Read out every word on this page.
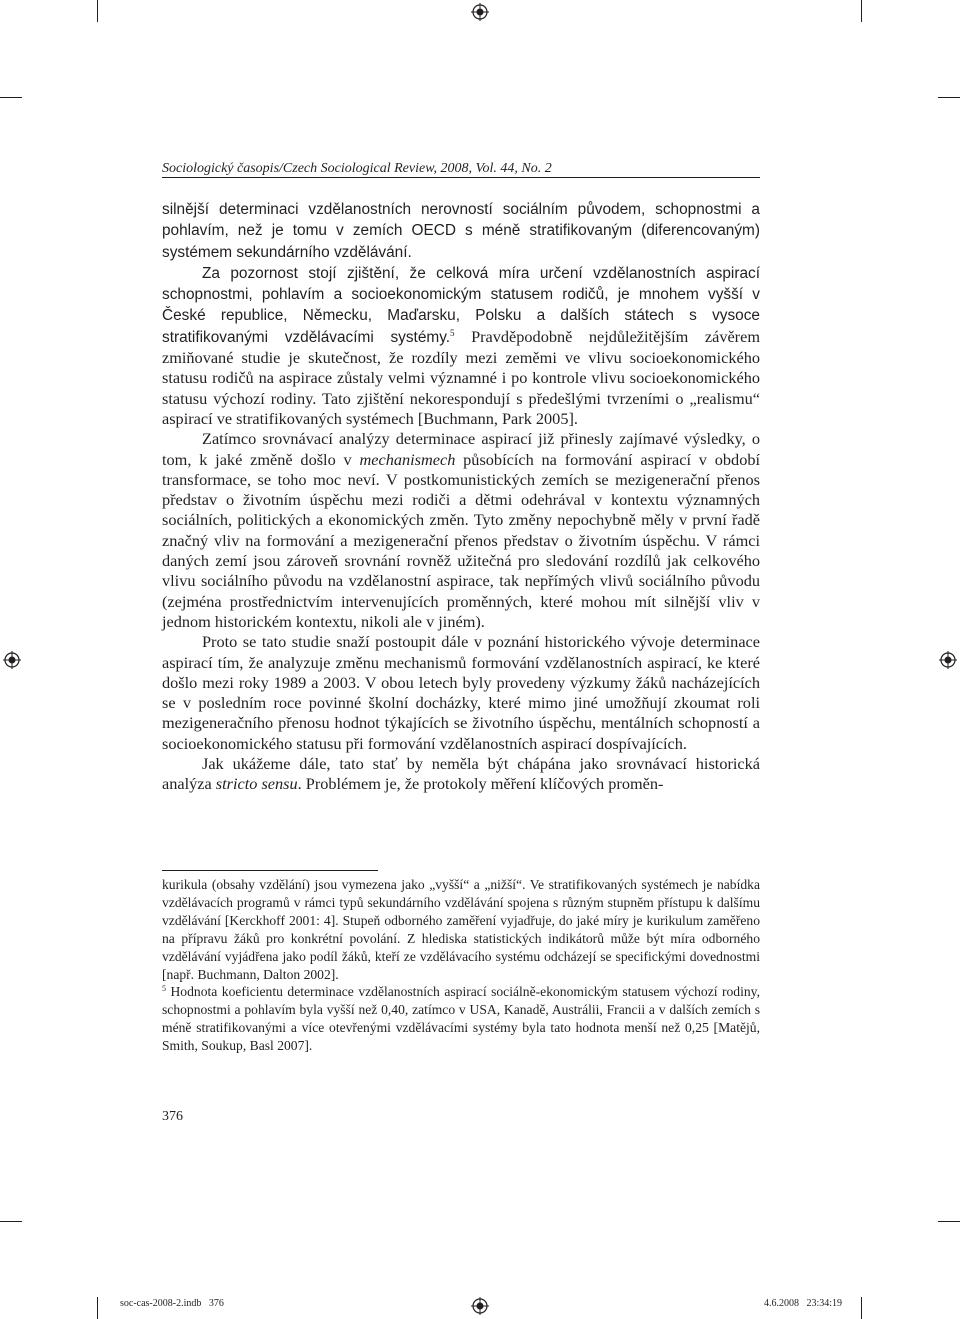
Sociologický časopis/Czech Sociological Review, 2008, Vol. 44, No. 2

silnější determinaci vzdělanostních nerovností sociálním původem, schopnostmi a pohlavím, než je tomu v zemích OECD s méně stratifikovaným (diferencovaným) systémem sekundárního vzdělávání.

Za pozornost stojí zjištění, že celková míra určení vzdělanostních aspirací schopnostmi, pohlavím a socioekonomickým statusem rodičů, je mnohem vyšší v České republice, Německu, Maďarsku, Polsku a dalších státech s vysoce stratifikovanými vzdělávacími systémy.$^5$ Pravděpodobně nejdůležitějším závěrem zmiňované studie je skutečnost, že rozdíly mezi zeměmi ve vlivu socioekonomického statusu rodičů na aspirace zůstaly velmi významné i po kontrole vlivu socioekonomického statusu výchozí rodiny. Tato zjištění nekorespondují s předešlými tvrzeními o „realismu“ aspirací ve stratifikovaných systémech [Buchmann, Park 2005].

Zatímco srovnávací analýzy determinace aspirací již přinesly zajímavé výsledky, o tom, k jaké změně došlo v mechanismech působících na formování aspirací v období transformace, se toho moc neví. V postkomunistických zemích se mezigenerační přenos představ o životním úspěchu mezi rodiči a dětmi odehrával v kontextu významných sociálních, politických a ekonomických změn. Tyto změny nepochybně měly v první řadě značný vliv na formování a mezigenerační přenos představ o životním úspěchu. V rámci daných zemí jsou zároveň srovnání rovněž užitečná pro sledování rozdílů jak celkového vlivu sociálního původu na vzdělanostní aspirace, tak nepřímých vlivů sociálního původu (zejména prostřednictvím intervenujících proměnných, které mohou mít silnější vliv v jednom historickém kontextu, nikoli ale v jiném).

Proto se tato studie snaží postoupit dále v poznání historického vývoje determinace aspirací tím, že analyzuje změnu mechanismů formování vzdělanostních aspirací, ke které došlo mezi roky 1989 a 2003. V obou letech byly provedeny výzkumy žáků nacházejících se v posledním roce povinné školní docházky, které mimo jiné umožňují zkoumat roli mezigeneračního přenosu hodnot týkajících se životního úspěchu, mentálních schopností a socioekonomického statusu při formování vzdělanostních aspirací dospívajících.

Jak ukážeme dále, tato stať by neměla být chápána jako srovnávací historická analýza stricto sensu. Problémem je, že protokoly měření klíčových proměn-

kurikula (obsahy vzdělání) jsou vymezena jako „vyšší“ a „nižší“. Ve stratifikovaných systémech je nabídka vzdělávacích programů v rámci typů sekundárního vzdělávání spojena s různým stupněm přístupu k dalšímu vzdělávání [Kerckhoff 2001: 4]. Stupeň odborného zaměření vyjadřuje, do jaké míry je kurikulum zaměřeno na přípravu žáků pro konkrétní povolání. Z hlediska statistických indikátorů může být míra odborného vzdělávání vyjádřena jako podíl žáků, kteří ze vzdělávacího systému odcházejí se specifickými dovednostmi [např. Buchmann, Dalton 2002].

$^5$ Hodnota koeficientu determinace vzdělanostních aspirací sociálně-ekonomickým statusem výchozí rodiny, schopnostmi a pohlavím byla vyšší než 0,40, zatímco v USA, Kanadě, Austrálii, Francii a v dalších zemích s méně stratifikovanými a více otevřenými vzdělávacími systémy byla tato hodnota menší než 0,25 [Matějů, Smith, Soukup, Basl 2007].

376
soc-cas-2008-2.indb   376	4.6.2008   23:34:19
